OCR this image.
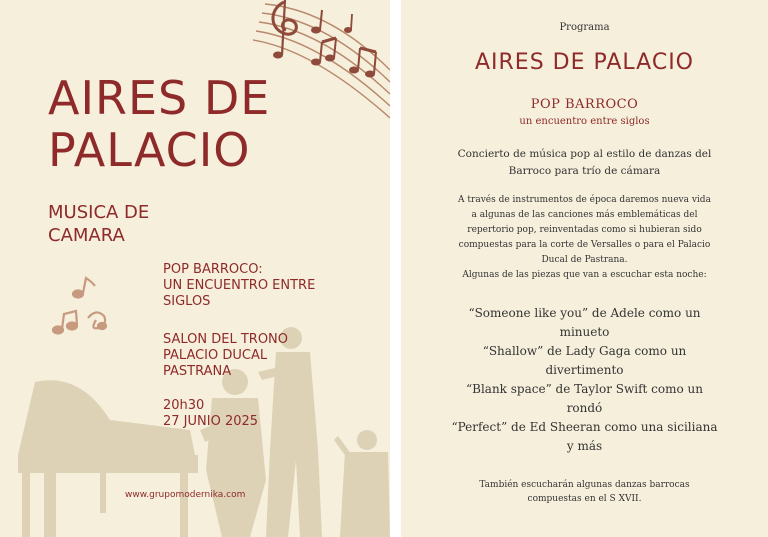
AIRES DE
PALACIO
MUSICA DE
CAMARA
POP BARROCO:
UN ENCUENTRO ENTRE
SIGLOS
SALON DEL TRONO
PALACIO DUCAL
PASTRANA
20h30
27 JUNIO 2025
www.grupomodernika.com
Programa
AIRES DE PALACIO
POP BARROCO
un encuentro entre siglos
Concierto de música pop al estilo de danzas del
Barroco para trío de cámara
A través de instrumentos de época daremos nueva vida
a algunas de las canciones más emblemáticas del
repertorio pop, reinventadas como si hubieran sido
compuestas para la corte de Versalles o para el Palacio
Ducal de Pastrana.
Algunas de las piezas que van a escuchar esta noche:
“Someone like you” de Adele como un
minueto
“Shallow” de Lady Gaga como un
divertimento
“Blank space” de Taylor Swift como un
rondó
“Perfect” de Ed Sheeran como una siciliana
y más
También escucharán algunas danzas barrocas
compuestas en el S XVII.
